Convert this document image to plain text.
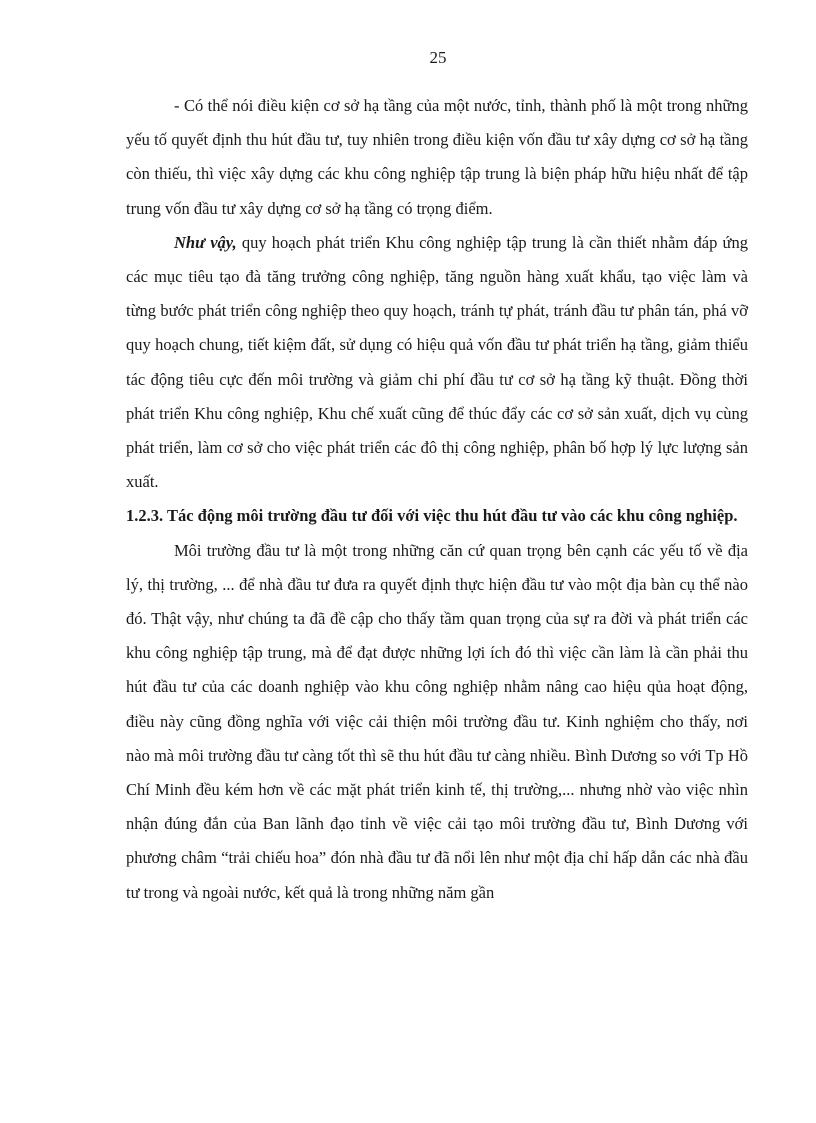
25

- Có thể nói điều kiện cơ sở hạ tầng của một nước, tỉnh, thành phố là một trong những yếu tố quyết định thu hút đầu tư, tuy nhiên trong điều kiện vốn đầu tư xây dựng cơ sở hạ tầng còn thiếu, thì việc xây dựng các khu công nghiệp tập trung là biện pháp hữu hiệu nhất để tập trung vốn đầu tư xây dựng cơ sở hạ tầng có trọng điểm.

Như vậy, quy hoạch phát triển Khu công nghiệp tập trung là cần thiết nhằm đáp ứng các mục tiêu tạo đà tăng trưởng công nghiệp, tăng nguồn hàng xuất khẩu, tạo việc làm và từng bước phát triển công nghiệp theo quy hoạch, tránh tự phát, tránh đầu tư phân tán, phá vỡ quy hoạch chung, tiết kiệm đất, sử dụng có hiệu quả vốn đầu tư phát triển hạ tầng, giảm thiểu tác động tiêu cực đến môi trường và giảm chi phí đầu tư cơ sở hạ tầng kỹ thuật. Đồng thời phát triển Khu công nghiệp, Khu chế xuất cũng để thúc đẩy các cơ sở sản xuất, dịch vụ cùng phát triển, làm cơ sở cho việc phát triển các đô thị công nghiệp, phân bố hợp lý lực lượng sản xuất.

1.2.3. Tác động môi trường đầu tư đối với việc thu hút đầu tư vào các khu công nghiệp.

Môi trường đầu tư là một trong những căn cứ quan trọng bên cạnh các yếu tố về địa lý, thị trường, ... để nhà đầu tư đưa ra quyết định thực hiện đầu tư vào một địa bàn cụ thể nào đó. Thật vậy, như chúng ta đã đề cập cho thấy tầm quan trọng của sự ra đời và phát triển các khu công nghiệp tập trung, mà để đạt được những lợi ích đó thì việc cần làm là cần phải thu hút đầu tư của các doanh nghiệp vào khu công nghiệp nhằm nâng cao hiệu qủa hoạt động, điều này cũng đồng nghĩa với việc cải thiện môi trường đầu tư. Kinh nghiệm cho thấy, nơi nào mà môi trường đầu tư càng tốt thì sẽ thu hút đầu tư càng nhiều. Bình Dương so với Tp Hồ Chí Minh đều kém hơn về các mặt phát triển kinh tế, thị trường,... nhưng nhờ vào việc nhìn nhận đúng đắn của Ban lãnh đạo tỉnh về việc cải tạo môi trường đầu tư, Bình Dương với phương châm “trải chiếu hoa” đón nhà đầu tư đã nổi lên như một địa chỉ hấp dẫn các nhà đầu tư trong và ngoài nước, kết quả là trong những năm gần
